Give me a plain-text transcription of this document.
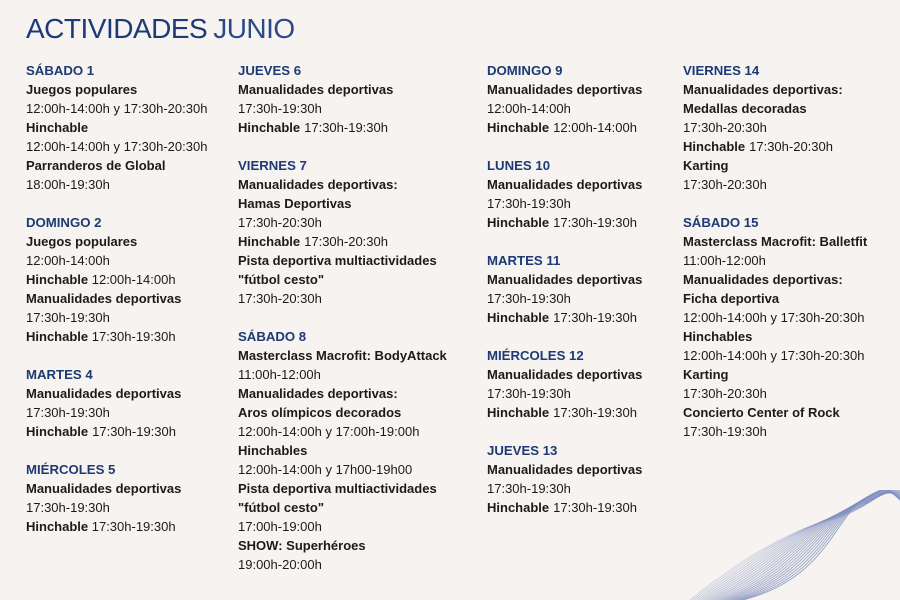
ACTIVIDADES JUNIO
SÁBADO 1
Juegos populares
12:00h-14:00h y 17:30h-20:30h
Hinchable
12:00h-14:00h y 17:30h-20:30h
Parranderos de Global
18:00h-19:30h
DOMINGO 2
Juegos populares
12:00h-14:00h
Hinchable 12:00h-14:00h
Manualidades deportivas
17:30h-19:30h
Hinchable 17:30h-19:30h
MARTES 4
Manualidades deportivas
17:30h-19:30h
Hinchable 17:30h-19:30h
MIÉRCOLES 5
Manualidades deportivas
17:30h-19:30h
Hinchable 17:30h-19:30h
JUEVES 6
Manualidades deportivas
17:30h-19:30h
Hinchable 17:30h-19:30h
VIERNES 7
Manualidades deportivas:
Hamas Deportivas
17:30h-20:30h
Hinchable 17:30h-20:30h
Pista deportiva multiactividades
"fútbol cesto"
17:30h-20:30h
SÁBADO 8
Masterclass Macrofit: BodyAttack
11:00h-12:00h
Manualidades deportivas:
Aros olímpicos decorados
12:00h-14:00h y 17:00h-19:00h
Hinchables
12:00h-14:00h y 17h00-19h00
Pista deportiva multiactividades
"fútbol cesto"
17:00h-19:00h
SHOW: Superhéroes
19:00h-20:00h
DOMINGO 9
Manualidades deportivas
12:00h-14:00h
Hinchable 12:00h-14:00h
LUNES 10
Manualidades deportivas
17:30h-19:30h
Hinchable 17:30h-19:30h
MARTES 11
Manualidades deportivas
17:30h-19:30h
Hinchable 17:30h-19:30h
MIÉRCOLES 12
Manualidades deportivas
17:30h-19:30h
Hinchable 17:30h-19:30h
JUEVES 13
Manualidades deportivas
17:30h-19:30h
Hinchable 17:30h-19:30h
VIERNES 14
Manualidades deportivas:
Medallas decoradas
17:30h-20:30h
Hinchable 17:30h-20:30h
Karting
17:30h-20:30h
SÁBADO 15
Masterclass Macrofit: Balletfit
11:00h-12:00h
Manualidades deportivas:
Ficha deportiva
12:00h-14:00h y 17:30h-20:30h
Hinchables
12:00h-14:00h y 17:30h-20:30h
Karting
17:30h-20:30h
Concierto Center of Rock
17:30h-19:30h
